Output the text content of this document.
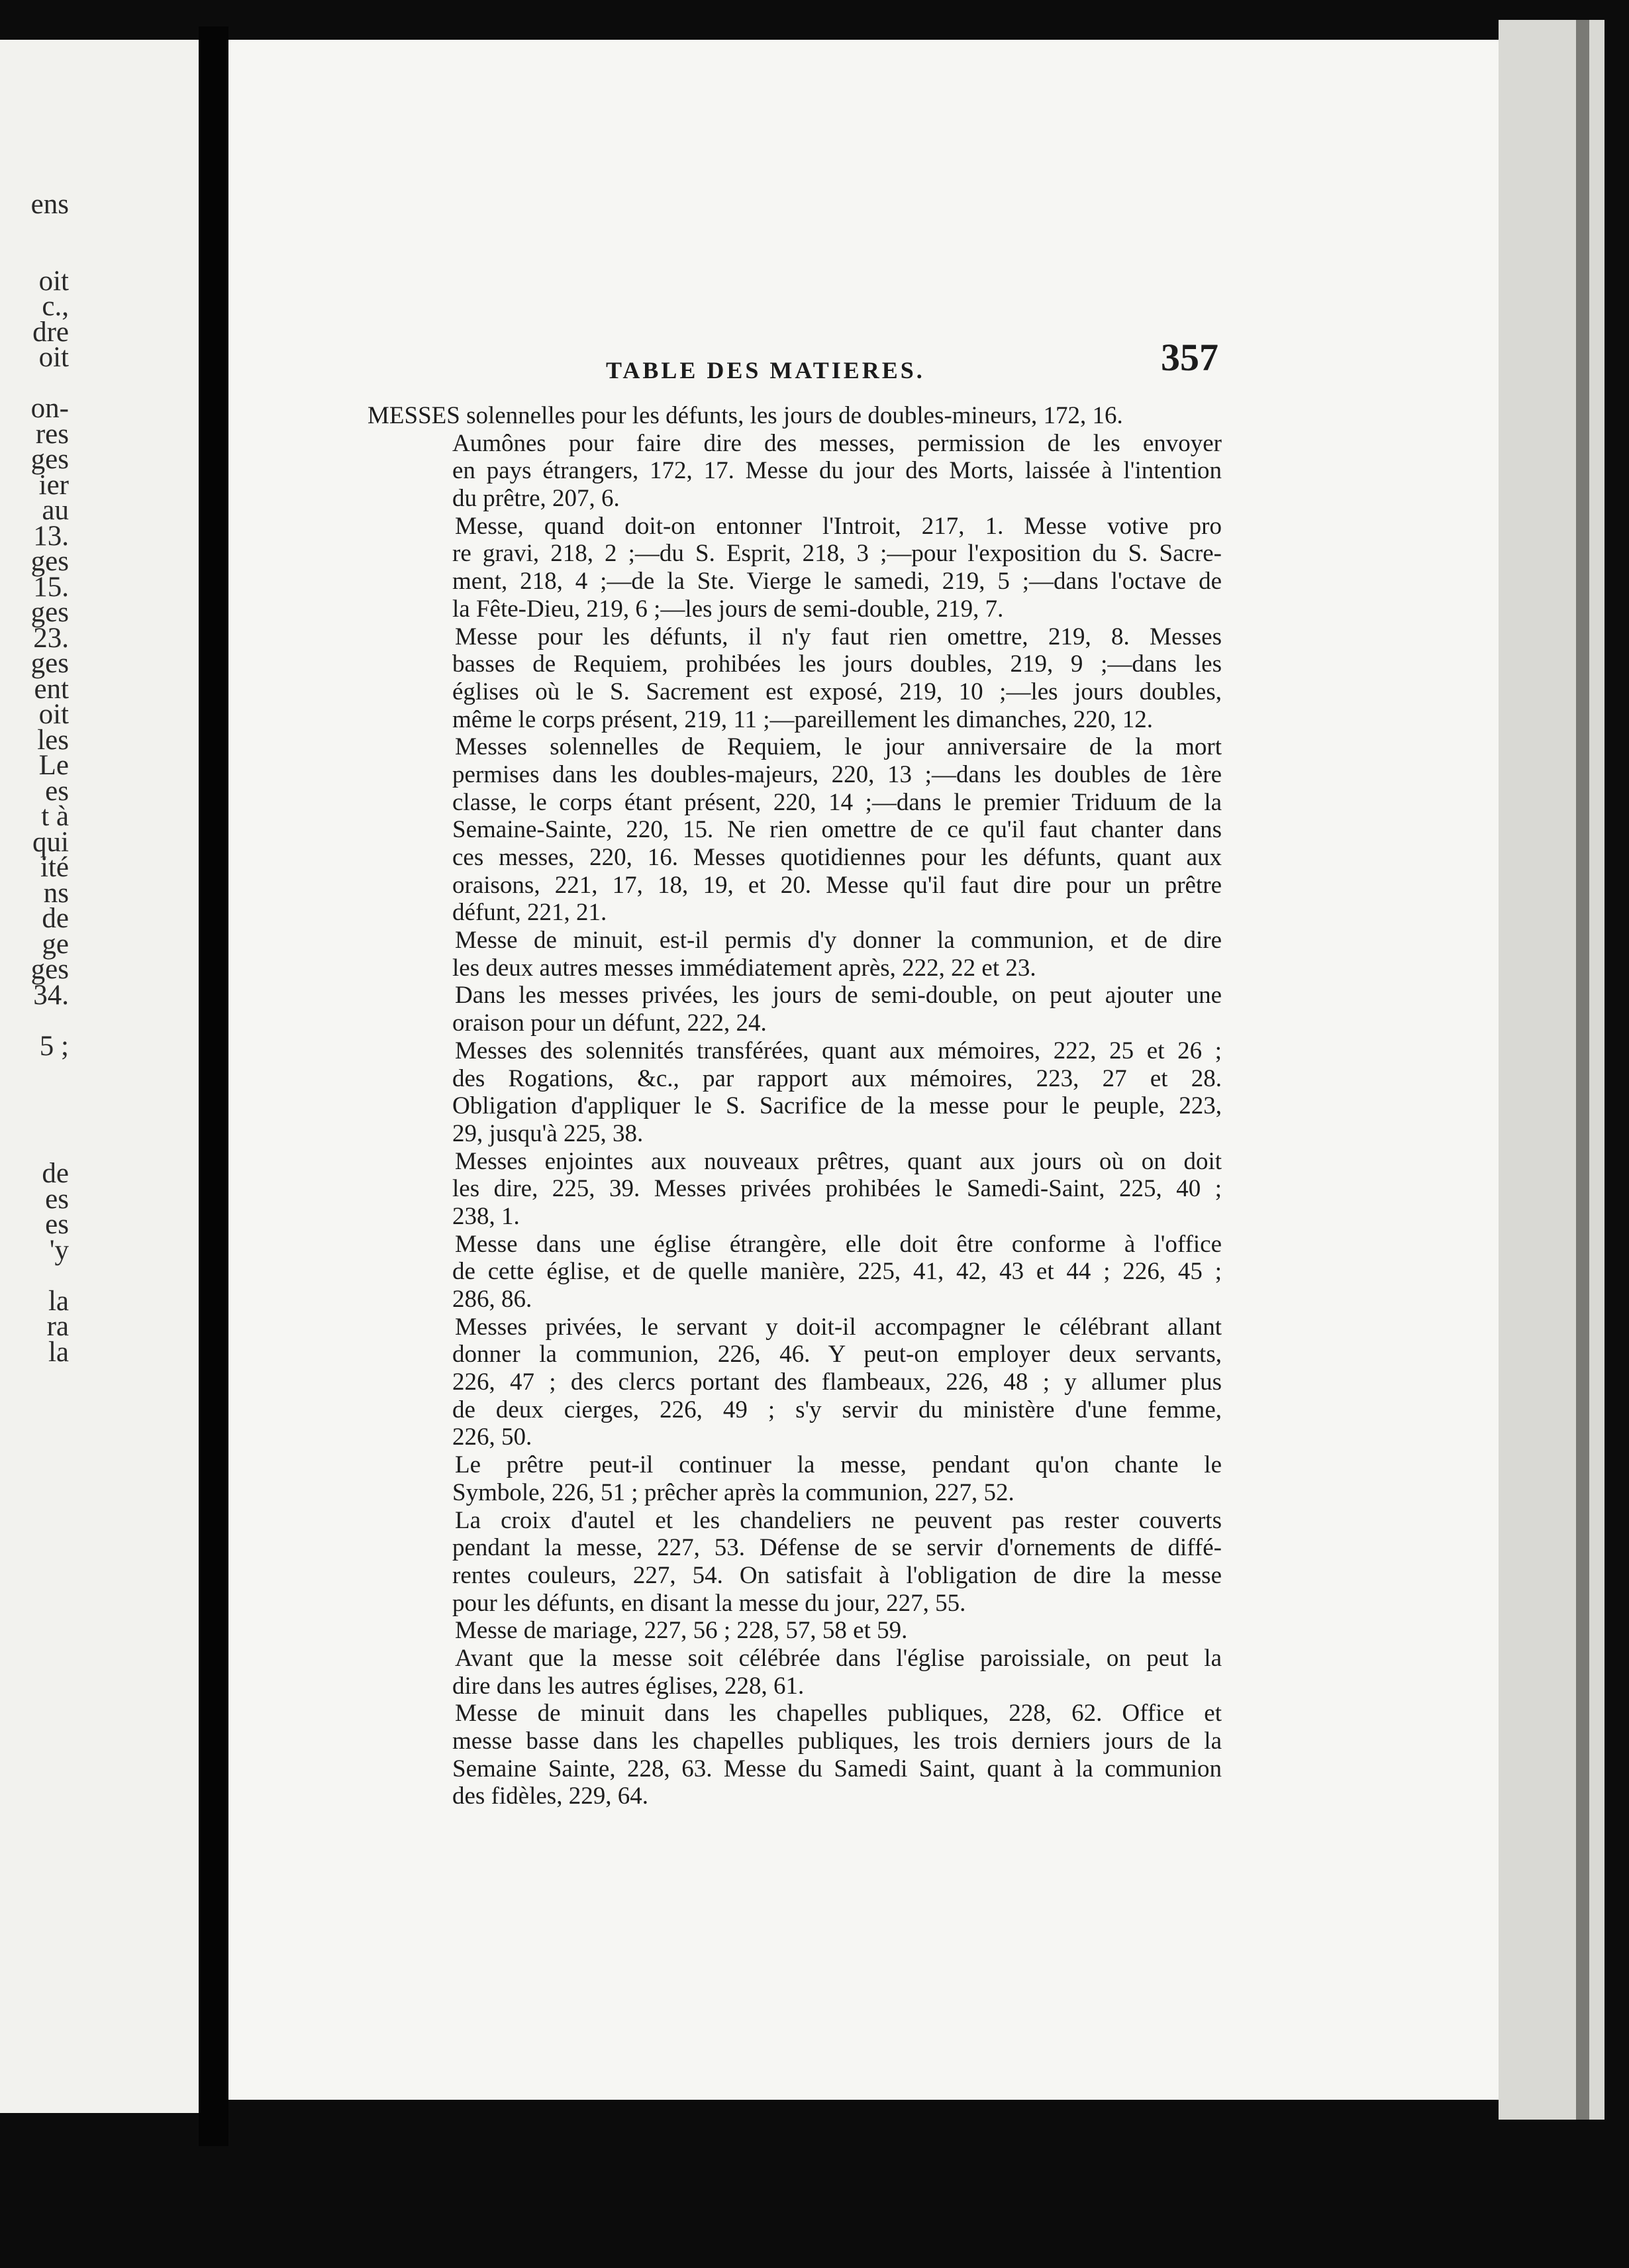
ens
oit
c.,
dre
oit
on-
res
ges
ier
au
13.
ges
15.
ges
23.
ges
ent
oit
les
Le
es
t à
qui
ité
ns
de
ge
ges
34.
5 ;
de
es
es
'y
la
ra
la
TABLE DES MATIERES.	357
MESSES solennelles pour les défunts, les jours de doubles-mineurs, 172, 16.
Aumônes pour faire dire des messes, permission de les envoyer
en pays étrangers, 172, 17. Messe du jour des Morts, laissée à l'intention
du prêtre, 207, 6.
Messe, quand doit-on entonner l'Introit, 217, 1. Messe votive pro
re gravi, 218, 2 ;—du S. Esprit, 218, 3 ;—pour l'exposition du S. Sacre-
ment, 218, 4 ;—de la Ste. Vierge le samedi, 219, 5 ;—dans l'octave de
la Fête-Dieu, 219, 6 ;—les jours de semi-double, 219, 7.
Messe pour les défunts, il n'y faut rien omettre, 219, 8. Messes
basses de Requiem, prohibées les jours doubles, 219, 9 ;—dans les
églises où le S. Sacrement est exposé, 219, 10 ;—les jours doubles,
même le corps présent, 219, 11 ;—pareillement les dimanches, 220, 12.
Messes solennelles de Requiem, le jour anniversaire de la mort
permises dans les doubles-majeurs, 220, 13 ;—dans les doubles de 1ère
classe, le corps étant présent, 220, 14 ;—dans le premier Triduum de la
Semaine-Sainte, 220, 15. Ne rien omettre de ce qu'il faut chanter dans
ces messes, 220, 16. Messes quotidiennes pour les défunts, quant aux
oraisons, 221, 17, 18, 19, et 20. Messe qu'il faut dire pour un prêtre
défunt, 221, 21.
Messe de minuit, est-il permis d'y donner la communion, et de dire
les deux autres messes immédiatement après, 222, 22 et 23.
Dans les messes privées, les jours de semi-double, on peut ajouter une
oraison pour un défunt, 222, 24.
Messes des solennités transférées, quant aux mémoires, 222, 25 et 26 ;
des Rogations, &c., par rapport aux mémoires, 223, 27 et 28.
Obligation d'appliquer le S. Sacrifice de la messe pour le peuple, 223,
29, jusqu'à 225, 38.
Messes enjointes aux nouveaux prêtres, quant aux jours où on doit
les dire, 225, 39. Messes privées prohibées le Samedi-Saint, 225, 40 ;
238, 1.
Messe dans une église étrangère, elle doit être conforme à l'office
de cette église, et de quelle manière, 225, 41, 42, 43 et 44 ; 226, 45 ;
286, 86.
Messes privées, le servant y doit-il accompagner le célébrant allant
donner la communion, 226, 46. Y peut-on employer deux servants,
226, 47 ; des clercs portant des flambeaux, 226, 48 ; y allumer plus
de deux cierges, 226, 49 ; s'y servir du ministère d'une femme,
226, 50.
Le prêtre peut-il continuer la messe, pendant qu'on chante le
Symbole, 226, 51 ; prêcher après la communion, 227, 52.
La croix d'autel et les chandeliers ne peuvent pas rester couverts
pendant la messe, 227, 53. Défense de se servir d'ornements de diffé-
rentes couleurs, 227, 54. On satisfait à l'obligation de dire la messe
pour les défunts, en disant la messe du jour, 227, 55.
Messe de mariage, 227, 56 ; 228, 57, 58 et 59.
Avant que la messe soit célébrée dans l'église paroissiale, on peut la
dire dans les autres églises, 228, 61.
Messe de minuit dans les chapelles publiques, 228, 62. Office et
messe basse dans les chapelles publiques, les trois derniers jours de la
Semaine Sainte, 228, 63. Messe du Samedi Saint, quant à la communion
des fidèles, 229, 64.
